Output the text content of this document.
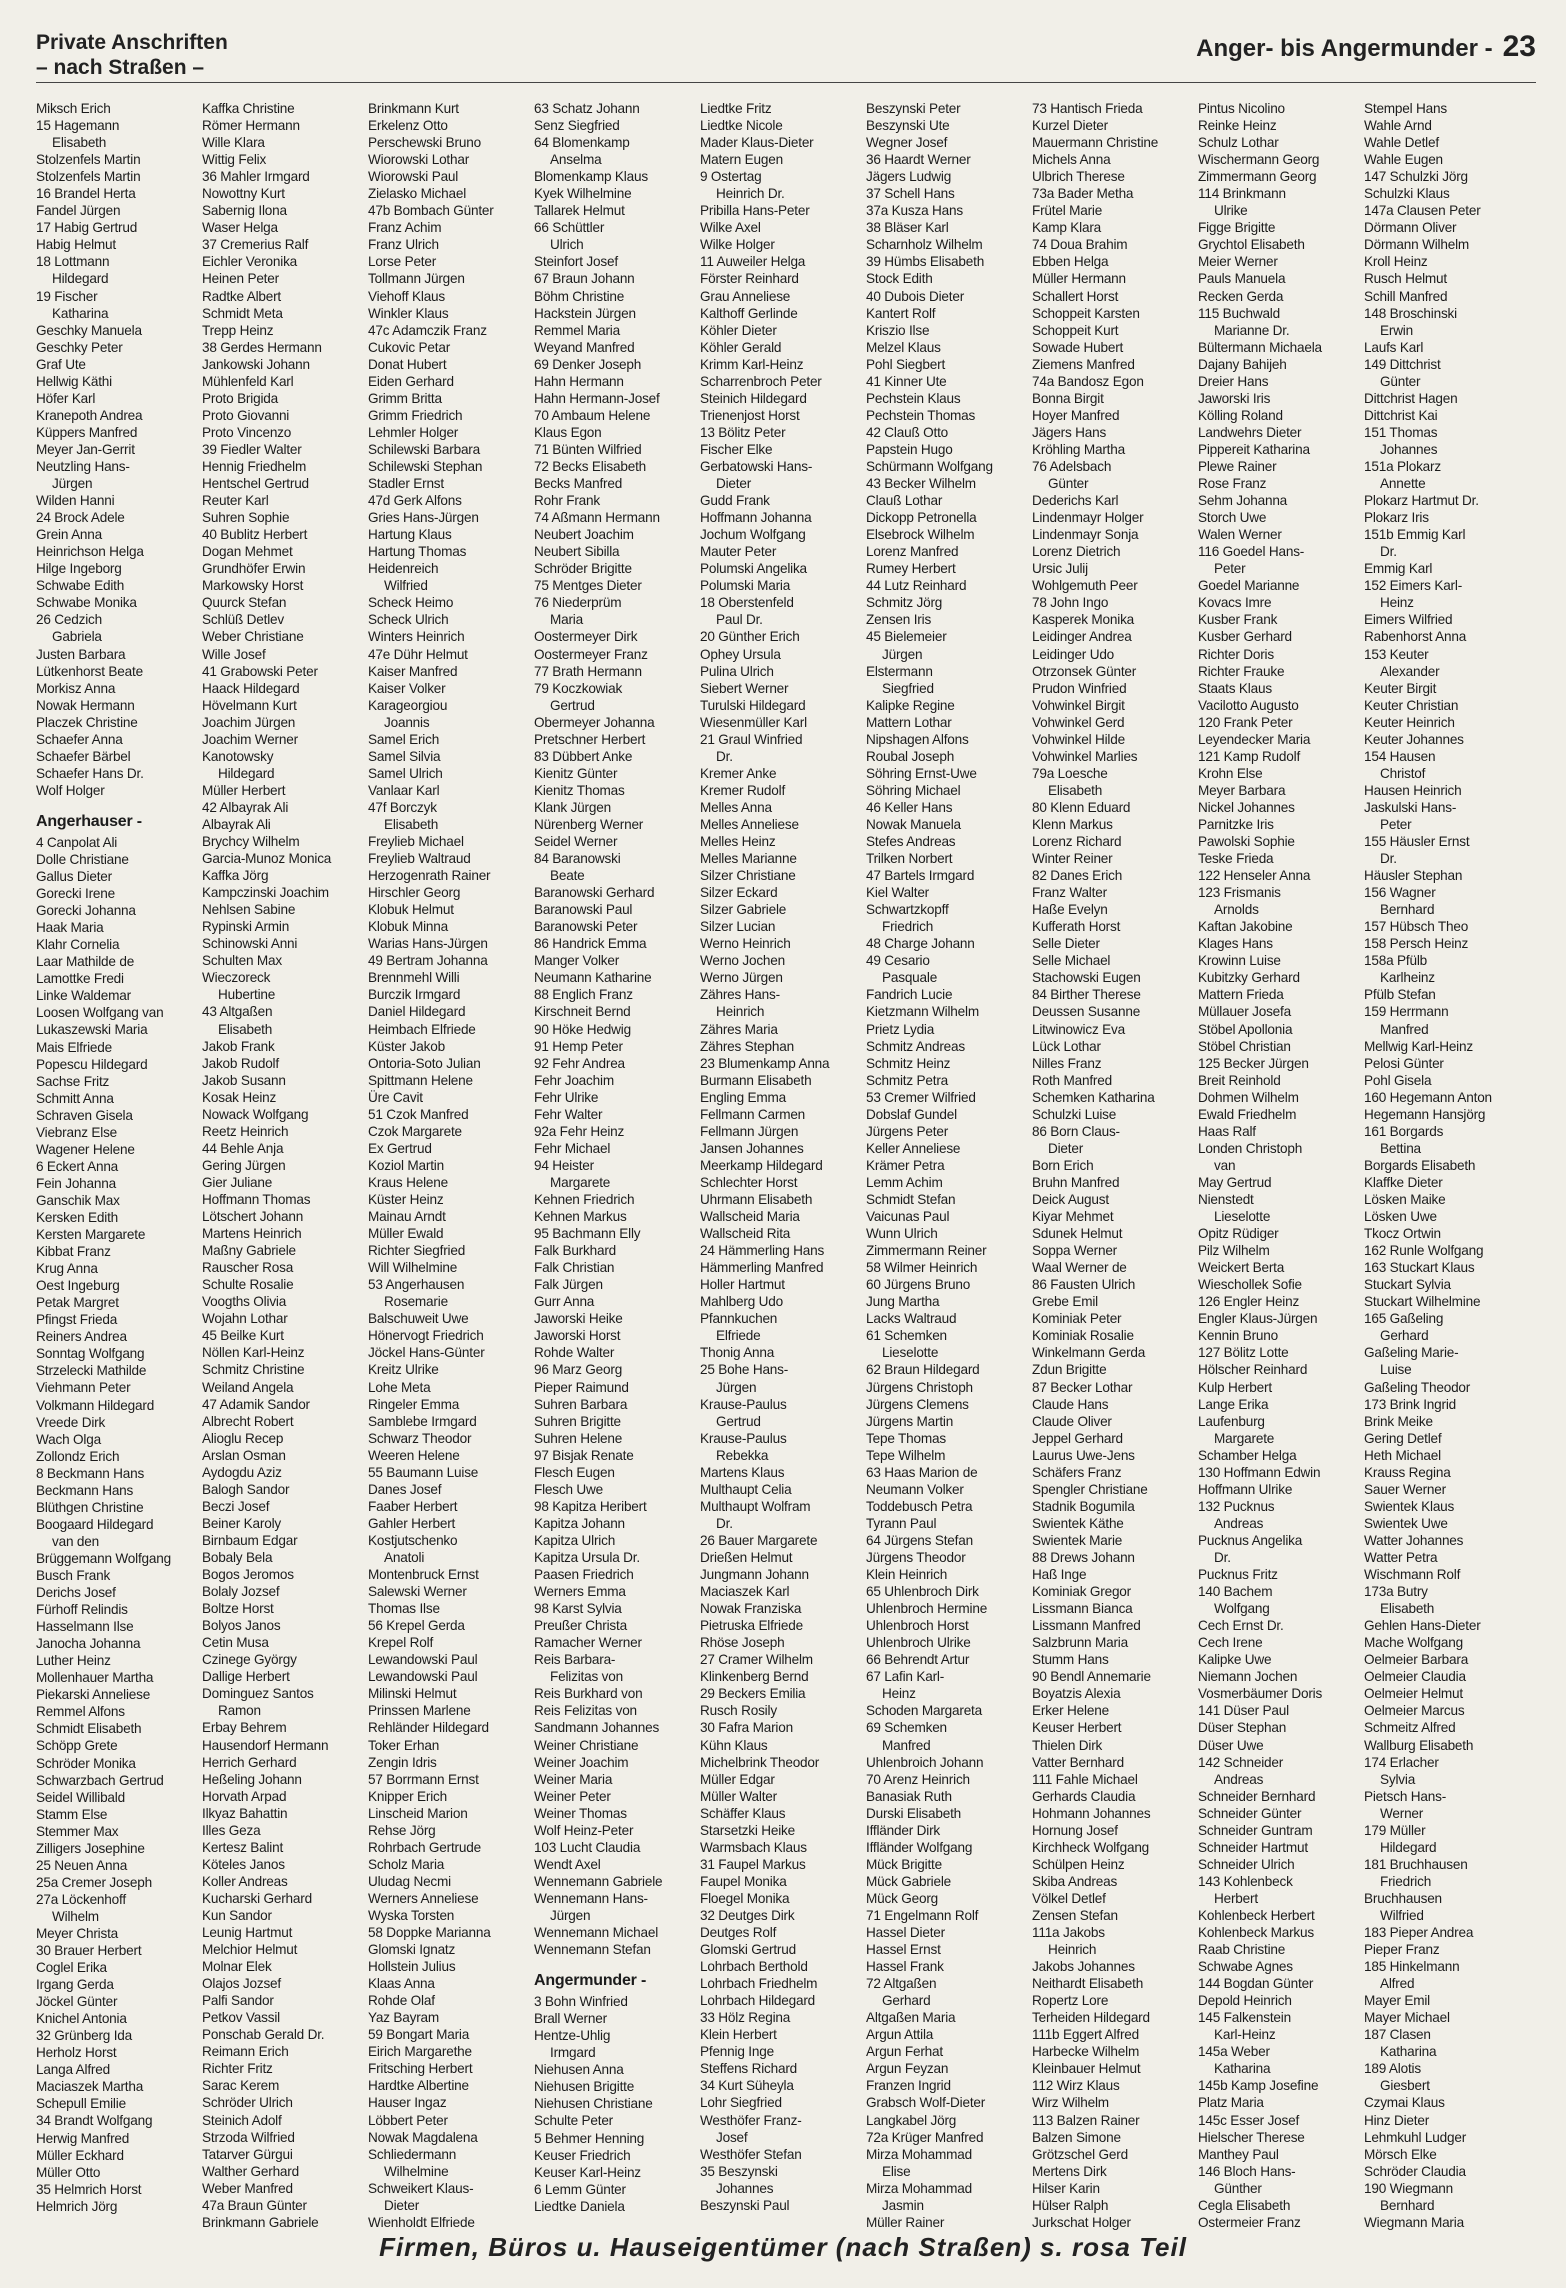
Private Anschriften
– nach Straßen –
Anger- bis Angermunder - 23
Miksch Erich
15 Hagemann
Elisabeth
Stolzenfels Martin
Stolzenfels Martin
16 Brandel Herta
Fandel Jürgen
17 Habig Gertrud
Habig Helmut
18 Lottmann
Hildegard
19 Fischer
Katharina
Geschky Manuela
Geschky Peter
Graf Ute
Hellwig Käthi
Höfer Karl
Kranepoth Andrea
Küppers Manfred
Meyer Jan-Gerrit
Neutzling Hans-
Jürgen
Wilden Hanni
24 Brock Adele
Grein Anna
Heinrichson Helga
Hilge Ingeborg
Schwabe Edith
Schwabe Monika
26 Cedzich
Gabriela
Justen Barbara
Lütkenhorst Beate
Morkisz Anna
Nowak Hermann
Placzek Christine
Schaefer Anna
Schaefer Bärbel
Schaefer Hans Dr.
Wolf Holger
Angerhauser -
4 Canpolat Ali
Dolle Christiane
Gallus Dieter
Gorecki Irene
Gorecki Johanna
Haak Maria
Klahr Cornelia
Laar Mathilde de
Lamottke Fredi
Linke Waldemar
Loosen Wolfgang van
Lukaszewski Maria
Mais Elfriede
Popescu Hildegard
Sachse Fritz
Schmitt Anna
Schraven Gisela
Viebranz Else
Wagener Helene
6 Eckert Anna
Fein Johanna
Ganschik Max
Kersken Edith
Kersten Margarete
Kibbat Franz
Krug Anna
Oest Ingeburg
Petak Margret
Pfingst Frieda
Reiners Andrea
Sonntag Wolfgang
Strzelecki Mathilde
Viehmann Peter
Volkmann Hildegard
Vreede Dirk
Wach Olga
Zollondz Erich
8 Beckmann Hans
Beckmann Hans
Blüthgen Christine
Boogaard Hildegard
van den
Brüggemann Wolfgang
Busch Frank
Derichs Josef
Fürhoff Relindis
Hasselmann Ilse
Janocha Johanna
Luther Heinz
Mollenhauer Martha
Piekarski Anneliese
Remmel Alfons
Schmidt Elisabeth
Schöpp Grete
Schröder Monika
Schwarzbach Gertrud
Seidel Willibald
Stamm Else
Stemmer Max
Zilligers Josephine
25 Neuen Anna
25a Cremer Joseph
27a Löckenhoff
Wilhelm
Meyer Christa
30 Brauer Herbert
Coglel Erika
Irgang Gerda
Jöckel Günter
Knichel Antonia
32 Grünberg Ida
Herholz Horst
Langa Alfred
Maciaszek Martha
Schepull Emilie
34 Brandt Wolfgang
Herwig Manfred
Müller Eckhard
Müller Otto
35 Helmrich Horst
Helmrich Jörg
Kaffka Christine
Römer Hermann
Wille Klara
Wittig Felix
36 Mahler Irmgard
Nowottny Kurt
Sabernig Ilona
Waser Helga
37 Cremerius Ralf
Eichler Veronika
Heinen Peter
Radtke Albert
Schmidt Meta
Trepp Heinz
38 Gerdes Hermann
Jankowski Johann
Mühlenfeld Karl
Proto Brigida
Proto Giovanni
Proto Vincenzo
39 Fiedler Walter
Hennig Friedhelm
Hentschel Gertrud
Reuter Karl
Suhren Sophie
40 Bublitz Herbert
Dogan Mehmet
Grundhöfer Erwin
Markowsky Horst
Quurck Stefan
Schlüß Detlev
Weber Christiane
Wille Josef
41 Grabowski Peter
Haack Hildegard
Hövelmann Kurt
Joachim Jürgen
Joachim Werner
Kanotowsky
Hildegard
Müller Herbert
42 Albayrak Ali
Albayrak Ali
Brychcy Wilhelm
Garcia-Munoz Monica
Kaffka Jörg
Kampczinski Joachim
Nehlsen Sabine
Rypinski Armin
Schinowski Anni
Schulten Max
Wieczoreck
Hubertine
43 Altgaßen
Elisabeth
Jakob Frank
Jakob Rudolf
Jakob Susann
Kosak Heinz
Nowack Wolfgang
Reetz Heinrich
44 Behle Anja
Gering Jürgen
Gier Juliane
Hoffmann Thomas
Lötschert Johann
Martens Heinrich
Maßny Gabriele
Rauscher Rosa
Schulte Rosalie
Voogths Olivia
Wojahn Lothar
45 Beilke Kurt
Nöllen Karl-Heinz
Schmitz Christine
Weiland Angela
47 Adamik Sandor
Albrecht Robert
Alioglu Recep
Arslan Osman
Aydogdu Aziz
Balogh Sandor
Beczi Josef
Beiner Karoly
Birnbaum Edgar
Bobaly Bela
Bogos Jeromos
Bolaly Jozsef
Boltze Horst
Bolyos Janos
Cetin Musa
Czinege György
Dallige Herbert
Dominguez Santos
Ramon
Erbay Behrem
Hausendorf Hermann
Herrich Gerhard
Heßeling Johann
Horvath Arpad
Ilkyaz Bahattin
Illes Geza
Kertesz Balint
Köteles Janos
Koller Andreas
Kucharski Gerhard
Kun Sandor
Leunig Hartmut
Melchior Helmut
Molnar Elek
Olajos Jozsef
Palfi Sandor
Petkov Vassil
Ponschab Gerald Dr.
Reimann Erich
Richter Fritz
Sarac Kerem
Schröder Ulrich
Steinich Adolf
Strzoda Wilfried
Tatarver Gürgui
Walther Gerhard
Weber Manfred
47a Braun Günter
Brinkmann Gabriele
Brinkmann Kurt
Erkelenz Otto
Perschewski Bruno
Wiorowski Lothar
Wiorowski Paul
Zielasko Michael
47b Bombach Günter
Franz Achim
Franz Ulrich
Lorse Peter
Tollmann Jürgen
Viehoff Klaus
Winkler Klaus
47c Adamczik Franz
Cukovic Petar
Donat Hubert
Eiden Gerhard
Grimm Britta
Grimm Friedrich
Lehmler Holger
Schilewski Barbara
Schilewski Stephan
Stadler Ernst
47d Gerk Alfons
Gries Hans-Jürgen
Hartung Klaus
Hartung Thomas
Heidenreich
Wilfried
Scheck Heimo
Scheck Ulrich
Winters Heinrich
47e Dühr Helmut
Kaiser Manfred
Kaiser Volker
Karageorgiou
Joannis
Samel Erich
Samel Silvia
Samel Ulrich
Vanlaar Karl
47f Borczyk
Elisabeth
Freylieb Michael
Freylieb Waltraud
Herzogenrath Rainer
Hirschler Georg
Klobuk Helmut
Klobuk Minna
Warias Hans-Jürgen
49 Bertram Johanna
Brennmehl Willi
Burczik Irmgard
Daniel Hildegard
Heimbach Elfriede
Küster Jakob
Ontoria-Soto Julian
Spittmann Helene
Üre Cavit
51 Czok Manfred
Czok Margarete
Ex Gertrud
Koziol Martin
Kraus Helene
Küster Heinz
Mainau Arndt
Müller Ewald
Richter Siegfried
Will Wilhelmine
53 Angerhausen
Rosemarie
Balschuweit Uwe
Hönervogt Friedrich
Jöckel Hans-Günter
Kreitz Ulrike
Lohe Meta
Ringeler Emma
Samblebe Irmgard
Schwarz Theodor
Weeren Helene
55 Baumann Luise
Danes Josef
Faaber Herbert
Gahler Herbert
Kostjutschenko
Anatoli
Montenbruck Ernst
Salewski Werner
Thomas Ilse
56 Krepel Gerda
Krepel Rolf
Lewandowski Paul
Lewandowski Paul
Milinski Helmut
Prinssen Marlene
Rehländer Hildegard
Toker Erhan
Zengin Idris
57 Borrmann Ernst
Knipper Erich
Linscheid Marion
Rehse Jörg
Rohrbach Gertrude
Scholz Maria
Uludag Necmi
Werners Anneliese
Wyska Torsten
58 Doppke Marianna
Glomski Ignatz
Hollstein Julius
Klaas Anna
Rohde Olaf
Yaz Bayram
59 Bongart Maria
Eirich Margarethe
Fritsching Herbert
Hardtke Albertine
Hauser Ingaz
Löbbert Peter
Nowak Magdalena
Schliedermann
Wilhelmine
Schweikert Klaus-
Dieter
Wienholdt Elfriede
63 Schatz Johann
Senz Siegfried
64 Blomenkamp
Anselma
Blomenkamp Klaus
Kyek Wilhelmine
Tallarek Helmut
66 Schüttler
Ulrich
Steinfort Josef
67 Braun Johann
Böhm Christine
Hackstein Jürgen
Remmel Maria
Weyand Manfred
69 Denker Joseph
Hahn Hermann
Hahn Hermann-Josef
70 Ambaum Helene
Klaus Egon
71 Bünten Wilfried
72 Becks Elisabeth
Becks Manfred
Rohr Frank
74 Aßmann Hermann
Neubert Joachim
Neubert Sibilla
Schröder Brigitte
75 Mentges Dieter
76 Niederprüm
Maria
Oostermeyer Dirk
Oostermeyer Franz
77 Brath Hermann
79 Koczkowiak
Gertrud
Obermeyer Johanna
Pretschner Herbert
83 Dübbert Anke
Kienitz Günter
Kienitz Thomas
Klank Jürgen
Nürenberg Werner
Seidel Werner
84 Baranowski
Beate
Baranowski Gerhard
Baranowski Paul
Baranowski Peter
86 Handrick Emma
Manger Volker
Neumann Katharine
88 Englich Franz
Kirschneit Bernd
90 Höke Hedwig
91 Hemp Peter
92 Fehr Andrea
Fehr Joachim
Fehr Ulrike
Fehr Walter
92a Fehr Heinz
Fehr Michael
94 Heister
Margarete
Kehnen Friedrich
Kehnen Markus
95 Bachmann Elly
Falk Burkhard
Falk Christian
Falk Jürgen
Gurr Anna
Jaworski Heike
Jaworski Horst
Rohde Walter
96 Marz Georg
Pieper Raimund
Suhren Barbara
Suhren Brigitte
Suhren Helene
97 Bisjak Renate
Flesch Eugen
Flesch Uwe
98 Kapitza Heribert
Kapitza Johann
Kapitza Ulrich
Kapitza Ursula Dr.
Paasen Friedrich
Werners Emma
98 Karst Sylvia
Preußer Christa
Ramacher Werner
Reis Barbara-
Felizitas von
Reis Burkhard von
Reis Felizitas von
Sandmann Johannes
Weiner Christiane
Weiner Joachim
Weiner Maria
Weiner Peter
Weiner Thomas
Wolf Heinz-Peter
103 Lucht Claudia
Wendt Axel
Wennemann Gabriele
Wennemann Hans-
Jürgen
Wennemann Michael
Wennemann Stefan
Angermunder -
3 Bohn Winfried
Brall Werner
Hentze-Uhlig
Irmgard
Niehusen Anna
Niehusen Brigitte
Niehusen Christiane
Schulte Peter
5 Behmer Henning
Keuser Friedrich
Keuser Karl-Heinz
6 Lemm Günter
Liedtke Daniela
Liedtke Fritz
Liedtke Nicole
Mader Klaus-Dieter
Matern Eugen
9 Ostertag
Heinrich Dr.
Pribilla Hans-Peter
Wilke Axel
Wilke Holger
11 Auweiler Helga
Förster Reinhard
Grau Anneliese
Kalthoff Gerlinde
Köhler Dieter
Köhler Gerald
Krimm Karl-Heinz
Scharrenbroch Peter
Steinich Hildegard
Trienenjost Horst
13 Bölitz Peter
Fischer Elke
Gerbatowski Hans-
Dieter
Gudd Frank
Hoffmann Johanna
Jochum Wolfgang
Mauter Peter
Polumski Angelika
Polumski Maria
18 Oberstenfeld
Paul Dr.
20 Günther Erich
Ophey Ursula
Pulina Ulrich
Siebert Werner
Turulski Hildegard
Wiesenmüller Karl
21 Graul Winfried
Dr.
Kremer Anke
Kremer Rudolf
Melles Anna
Melles Anneliese
Melles Heinz
Melles Marianne
Silzer Christiane
Silzer Eckard
Silzer Gabriele
Silzer Lucian
Werno Heinrich
Werno Jochen
Werno Jürgen
Zähres Hans-
Heinrich
Zähres Maria
Zähres Stephan
23 Blumenkamp Anna
Burmann Elisabeth
Engling Emma
Fellmann Carmen
Fellmann Jürgen
Jansen Johannes
Meerkamp Hildegard
Schlechter Horst
Uhrmann Elisabeth
Wallscheid Maria
Wallscheid Rita
24 Hämmerling Hans
Hämmerling Manfred
Holler Hartmut
Mahlberg Udo
Pfannkuchen
Elfriede
Thonig Anna
25 Bohe Hans-
Jürgen
Krause-Paulus
Gertrud
Krause-Paulus
Rebekka
Martens Klaus
Multhaupt Celia
Multhaupt Wolfram
Dr.
26 Bauer Margarete
Drießen Helmut
Jungmann Johann
Maciaszek Karl
Nowak Franziska
Pietruska Elfriede
Rhöse Joseph
27 Cramer Wilhelm
Klinkenberg Bernd
29 Beckers Emilia
Rusch Rosily
30 Fafra Marion
Kühn Klaus
Michelbrink Theodor
Müller Edgar
Müller Walter
Schäffer Klaus
Starsetzki Heike
Warmsbach Klaus
31 Faupel Markus
Faupel Monika
Floegel Monika
32 Deutges Dirk
Deutges Rolf
Glomski Gertrud
Lohrbach Berthold
Lohrbach Friedhelm
Lohrbach Hildegard
33 Hölz Regina
Klein Herbert
Pfennig Inge
Steffens Richard
34 Kurt Süheyla
Lohr Siegfried
Westhöfer Franz-
Josef
Westhöfer Stefan
35 Beszynski
Johannes
Beszynski Paul
Beszynski Peter
Beszynski Ute
Wegner Josef
36 Haardt Werner
Jägers Ludwig
37 Schell Hans
37a Kusza Hans
38 Bläser Karl
Scharnholz Wilhelm
39 Hümbs Elisabeth
Stock Edith
40 Dubois Dieter
Kantert Rolf
Kriszio Ilse
Melzel Klaus
Pohl Siegbert
41 Kinner Ute
Pechstein Klaus
Pechstein Thomas
42 Clauß Otto
Papstein Hugo
Schürmann Wolfgang
43 Becker Wilhelm
Clauß Lothar
Dickopp Petronella
Elsebrock Wilhelm
Lorenz Manfred
Rumey Herbert
44 Lutz Reinhard
Schmitz Jörg
Zensen Iris
45 Bielemeier
Jürgen
Elstermann
Siegfried
Kalipke Regine
Mattern Lothar
Nipshagen Alfons
Roubal Joseph
Söhring Ernst-Uwe
Söhring Michael
46 Keller Hans
Nowak Manuela
Stefes Andreas
Trilken Norbert
47 Bartels Irmgard
Kiel Walter
Schwartzkopff
Friedrich
48 Charge Johann
49 Cesario
Pasquale
Fandrich Lucie
Kietzmann Wilhelm
Prietz Lydia
Schmitz Andreas
Schmitz Heinz
Schmitz Petra
53 Cremer Wilfried
Dobslaf Gundel
Jürgens Peter
Keller Anneliese
Krämer Petra
Lemm Achim
Schmidt Stefan
Vaicunas Paul
Wunn Ulrich
Zimmermann Reiner
58 Wilmer Heinrich
60 Jürgens Bruno
Jung Martha
Lacks Waltraud
61 Schemken
Lieselotte
62 Braun Hildegard
Jürgens Christoph
Jürgens Clemens
Jürgens Martin
Tepe Thomas
Tepe Wilhelm
63 Haas Marion de
Neumann Volker
Toddebusch Petra
Tyrann Paul
64 Jürgens Stefan
Jürgens Theodor
Klein Heinrich
65 Uhlenbroch Dirk
Uhlenbroch Hermine
Uhlenbroch Horst
Uhlenbroch Ulrike
66 Behrendt Artur
67 Lafin Karl-
Heinz
Schoden Margareta
69 Schemken
Manfred
Uhlenbroich Johann
70 Arenz Heinrich
Banasiak Ruth
Durski Elisabeth
Iffländer Dirk
Iffländer Wolfgang
Mück Brigitte
Mück Gabriele
Mück Georg
71 Engelmann Rolf
Hassel Dieter
Hassel Ernst
Hassel Frank
72 Altgaßen
Gerhard
Altgaßen Maria
Argun Attila
Argun Ferhat
Argun Feyzan
Franzen Ingrid
Grabsch Wolf-Dieter
Langkabel Jörg
72a Krüger Manfred
Mirza Mohammad
Elise
Mirza Mohammad
Jasmin
Müller Rainer
73 Hantisch Frieda
Kurzel Dieter
Mauermann Christine
Michels Anna
Ulbrich Therese
73a Bader Metha
Frütel Marie
Kamp Klara
74 Doua Brahim
Ebben Helga
Müller Hermann
Schallert Horst
Schoppeit Karsten
Schoppeit Kurt
Sowade Hubert
Ziemens Manfred
74a Bandosz Egon
Bonna Birgit
Hoyer Manfred
Jägers Hans
Kröhling Martha
76 Adelsbach
Günter
Dederichs Karl
Lindenmayr Holger
Lindenmayr Sonja
Lorenz Dietrich
Ursic Julij
Wohlgemuth Peer
78 John Ingo
Kasperek Monika
Leidinger Andrea
Leidinger Udo
Otrzonsek Günter
Prudon Winfried
Vohwinkel Birgit
Vohwinkel Gerd
Vohwinkel Hilde
Vohwinkel Marlies
79a Loesche
Elisabeth
80 Klenn Eduard
Klenn Markus
Lorenz Richard
Winter Reiner
82 Danes Erich
Franz Walter
Haße Evelyn
Kufferath Horst
Selle Dieter
Selle Michael
Stachowski Eugen
84 Birther Therese
Deussen Susanne
Litwinowicz Eva
Lück Lothar
Nilles Franz
Roth Manfred
Schemken Katharina
Schulzki Luise
86 Born Claus-
Dieter
Born Erich
Bruhn Manfred
Deick August
Kiyar Mehmet
Sdunek Helmut
Soppa Werner
Waal Werner de
86 Fausten Ulrich
Grebe Emil
Kominiak Peter
Kominiak Rosalie
Winkelmann Gerda
Zdun Brigitte
87 Becker Lothar
Claude Hans
Claude Oliver
Jeppel Gerhard
Laurus Uwe-Jens
Schäfers Franz
Spengler Christiane
Stadnik Bogumila
Swientek Käthe
Swientek Marie
88 Drews Johann
Haß Inge
Kominiak Gregor
Lissmann Bianca
Lissmann Manfred
Salzbrunn Maria
Stumm Hans
90 Bendl Annemarie
Boyatzis Alexia
Erker Helene
Keuser Herbert
Thielen Dirk
Vatter Bernhard
111 Fahle Michael
Gerhards Claudia
Hohmann Johannes
Hornung Josef
Kirchheck Wolfgang
Schülpen Heinz
Skiba Andreas
Völkel Detlef
Zensen Stefan
111a Jakobs
Heinrich
Jakobs Johannes
Neithardt Elisabeth
Ropertz Lore
Terheiden Hildegard
111b Eggert Alfred
Harbecke Wilhelm
Kleinbauer Helmut
112 Wirz Klaus
Wirz Wilhelm
113 Balzen Rainer
Balzen Simone
Grötzschel Gerd
Mertens Dirk
Hilser Karin
Hülser Ralph
Jurkschat Holger
Pintus Nicolino
Reinke Heinz
Schulz Lothar
Wischermann Georg
Zimmermann Georg
114 Brinkmann
Ulrike
Figge Brigitte
Grychtol Elisabeth
Meier Werner
Pauls Manuela
Recken Gerda
115 Buchwald
Marianne Dr.
Bültermann Michaela
Dajany Bahijeh
Dreier Hans
Jaworski Iris
Kölling Roland
Landwehrs Dieter
Pippereit Katharina
Plewe Rainer
Rose Franz
Sehm Johanna
Storch Uwe
Walen Werner
116 Goedel Hans-
Peter
Goedel Marianne
Kovacs Imre
Kusber Frank
Kusber Gerhard
Richter Doris
Richter Frauke
Staats Klaus
Vacilotto Augusto
120 Frank Peter
Leyendecker Maria
121 Kamp Rudolf
Krohn Else
Meyer Barbara
Nickel Johannes
Parnitzke Iris
Pawolski Sophie
Teske Frieda
122 Henseler Anna
123 Frismanis
Arnolds
Kaftan Jakobine
Klages Hans
Krowinn Luise
Kubitzky Gerhard
Mattern Frieda
Müllauer Josefa
Stöbel Apollonia
Stöbel Christian
125 Becker Jürgen
Breit Reinhold
Dohmen Wilhelm
Ewald Friedhelm
Haas Ralf
Londen Christoph
van
May Gertrud
Nienstedt
Lieselotte
Opitz Rüdiger
Pilz Wilhelm
Weickert Berta
Wieschollek Sofie
126 Engler Heinz
Engler Klaus-Jürgen
Kennin Bruno
127 Bölitz Lotte
Hölscher Reinhard
Kulp Herbert
Lange Erika
Laufenburg
Margarete
Schamber Helga
130 Hoffmann Edwin
Hoffmann Ulrike
132 Pucknus
Andreas
Pucknus Angelika
Dr.
Pucknus Fritz
140 Bachem
Wolfgang
Cech Ernst Dr.
Cech Irene
Kalipke Uwe
Niemann Jochen
Vosmerbäumer Doris
141 Düser Paul
Düser Stephan
Düser Uwe
142 Schneider
Andreas
Schneider Bernhard
Schneider Günter
Schneider Guntram
Schneider Hartmut
Schneider Ulrich
143 Kohlenbeck
Herbert
Kohlenbeck Herbert
Kohlenbeck Markus
Raab Christine
Schwabe Agnes
144 Bogdan Günter
Depold Heinrich
145 Falkenstein
Karl-Heinz
145a Weber
Katharina
145b Kamp Josefine
Platz Maria
145c Esser Josef
Hielscher Therese
Manthey Paul
146 Bloch Hans-
Günther
Cegla Elisabeth
Ostermeier Franz
Stempel Hans
Wahle Arnd
Wahle Detlef
Wahle Eugen
147 Schulzki Jörg
Schulzki Klaus
147a Clausen Peter
Dörmann Oliver
Dörmann Wilhelm
Kroll Heinz
Rusch Helmut
Schill Manfred
148 Broschinski
Erwin
Laufs Karl
149 Dittchrist
Günter
Dittchrist Hagen
Dittchrist Kai
151 Thomas
Johannes
151a Plokarz
Annette
Plokarz Hartmut Dr.
Plokarz Iris
151b Emmig Karl
Dr.
Emmig Karl
152 Eimers Karl-
Heinz
Eimers Wilfried
Rabenhorst Anna
153 Keuter
Alexander
Keuter Birgit
Keuter Christian
Keuter Heinrich
Keuter Johannes
154 Hausen
Christof
Hausen Heinrich
Jaskulski Hans-
Peter
155 Häusler Ernst
Dr.
Häusler Stephan
156 Wagner
Bernhard
157 Hübsch Theo
158 Persch Heinz
158a Pfülb
Karlheinz
Pfülb Stefan
159 Herrmann
Manfred
Mellwig Karl-Heinz
Pelosi Günter
Pohl Gisela
160 Hegemann Anton
Hegemann Hansjörg
161 Borgards
Bettina
Borgards Elisabeth
Klaffke Dieter
Lösken Maike
Lösken Uwe
Tkocz Ortwin
162 Runle Wolfgang
163 Stuckart Klaus
Stuckart Sylvia
Stuckart Wilhelmine
165 Gaßeling
Gerhard
Gaßeling Marie-
Luise
Gaßeling Theodor
173 Brink Ingrid
Brink Meike
Gering Detlef
Heth Michael
Krauss Regina
Sauer Werner
Swientek Klaus
Swientek Uwe
Watter Johannes
Watter Petra
Wischmann Rolf
173a Butry
Elisabeth
Gehlen Hans-Dieter
Mache Wolfgang
Oelmeier Barbara
Oelmeier Claudia
Oelmeier Helmut
Oelmeier Marcus
Schmeitz Alfred
Wallburg Elisabeth
174 Erlacher
Sylvia
Pietsch Hans-
Werner
179 Müller
Hildegard
181 Bruchhausen
Friedrich
Bruchhausen
Wilfried
183 Pieper Andrea
Pieper Franz
185 Hinkelmann
Alfred
Mayer Emil
Mayer Michael
187 Clasen
Katharina
189 Alotis
Giesbert
Czymai Klaus
Hinz Dieter
Lehmkuhl Ludger
Mörsch Elke
Schröder Claudia
190 Wiegmann
Bernhard
Wiegmann Maria
Firmen, Büros u. Hauseigentümer (nach Straßen) s. rosa Teil
